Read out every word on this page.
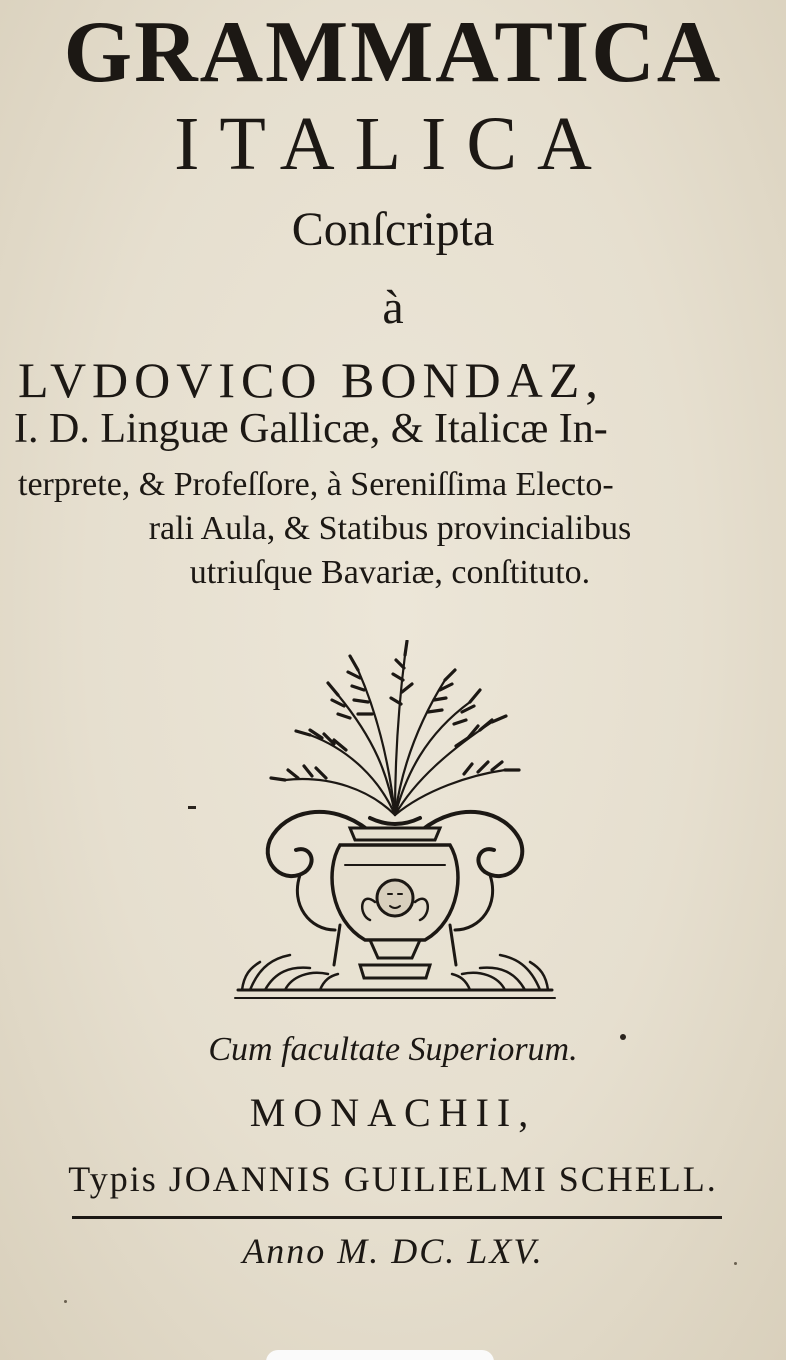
GRAMMATICA
ITALICA
Conſcripta
à
LVDOVICO BONDAZ,
I. D. Linguæ Gallicæ, & Italicæ In-
terprete, & Profeſſore, à Sereniſſima Electo-
rali Aula, & Statibus provincialibus
utriuſque Bavariæ, conſtituto.
Cum facultate Superiorum.
MONACHII,
Typis JOANNIS GUILIELMI SCHELL.
Anno M. DC. LXV.
